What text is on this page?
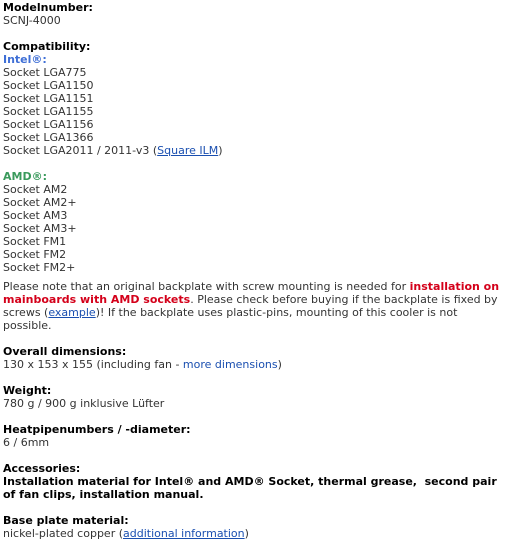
Modelnumber:
SCNJ-4000
Compatibility:
Intel®:
Socket LGA775
Socket LGA1150
Socket LGA1151
Socket LGA1155
Socket LGA1156
Socket LGA1366
Socket LGA2011 / 2011-v3 (Square ILM)
AMD®:
Socket AM2
Socket AM2+
Socket AM3
Socket AM3+
Socket FM1
Socket FM2
Socket FM2+
Please note that an original backplate with screw mounting is needed for installation on mainboards with AMD sockets. Please check before buying if the backplate is fixed by screws (example)! If the backplate uses plastic-pins, mounting of this cooler is not possible.
Overall dimensions:
130 x 153 x 155 (including fan - more dimensions)
Weight:
780 g / 900 g inklusive Lüfter
Heatpipenumbers / -diameter:
6 / 6mm
Accessories:
Installation material for Intel® and AMD® Socket, thermal grease,  second pair of fan clips, installation manual.
Base plate material:
nickel-plated copper (additional information)
